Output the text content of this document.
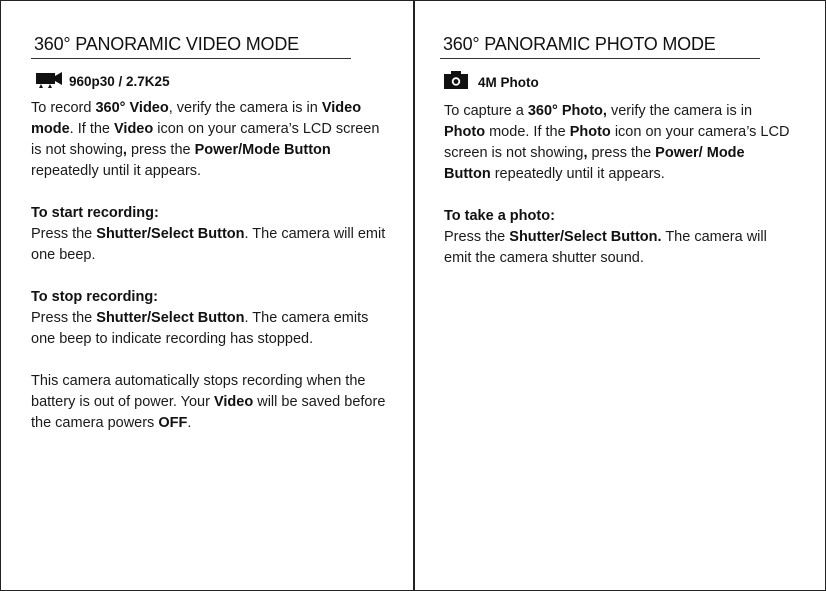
360° PANORAMIC VIDEO MODE
960p30 / 2.7K25

To record 360° Video, verify the camera is in Video mode. If the Video icon on your camera’s LCD screen is not showing, press the Power/Mode Button repeatedly until it appears.

To start recording:

Press the Shutter/Select Button. The camera will emit one beep.

To stop recording:

Press the Shutter/Select Button. The camera emits one beep to indicate recording has stopped.

This camera automatically stops recording when the battery is out of power. Your Video will be saved before the camera powers OFF.

360° PANORAMIC PHOTO MODE
4M Photo

To capture a 360° Photo, verify the camera is in Photo mode. If the Photo icon on your camera’s LCD screen is not showing, press the Power/ Mode Button repeatedly until it appears.

To take a photo:

Press the Shutter/Select Button. The camera will emit the camera shutter sound.
